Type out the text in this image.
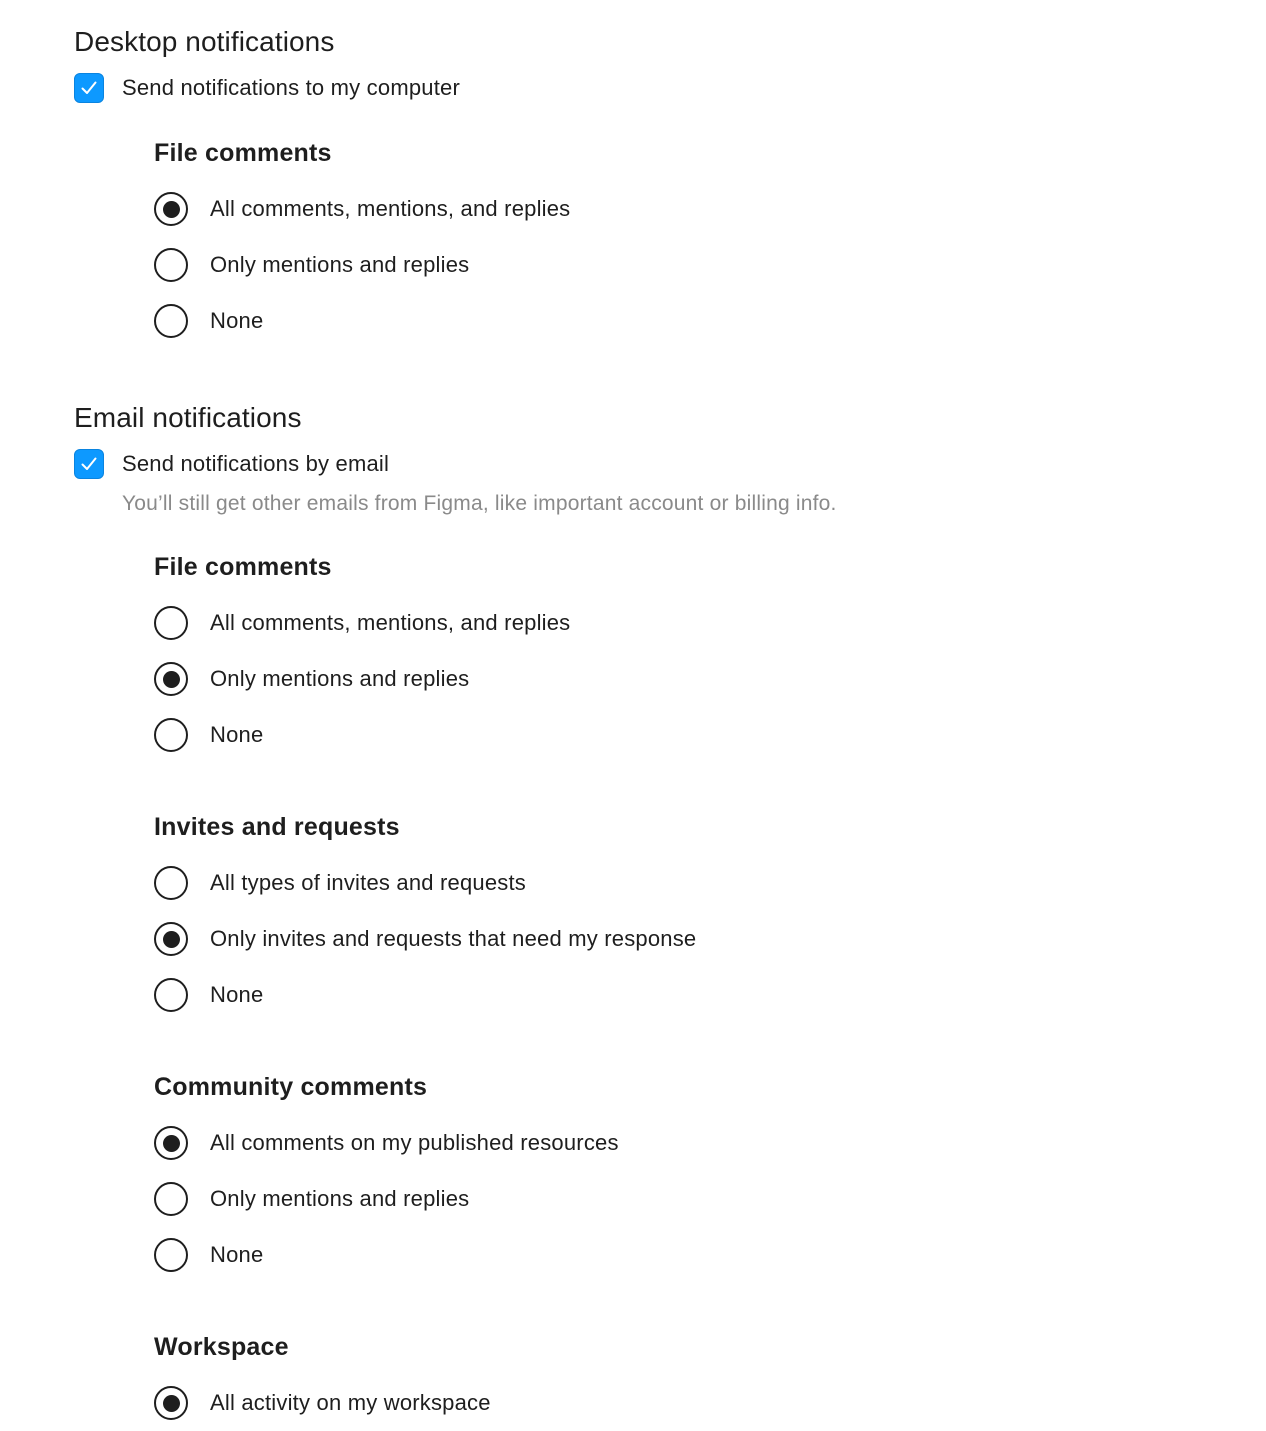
Desktop notifications
Send notifications to my computer
File comments
All comments, mentions, and replies
Only mentions and replies
None
Email notifications
Send notifications by email
You’ll still get other emails from Figma, like important account or billing info.
File comments
All comments, mentions, and replies
Only mentions and replies
None
Invites and requests
All types of invites and requests
Only invites and requests that need my response
None
Community comments
All comments on my published resources
Only mentions and replies
None
Workspace
All activity on my workspace
